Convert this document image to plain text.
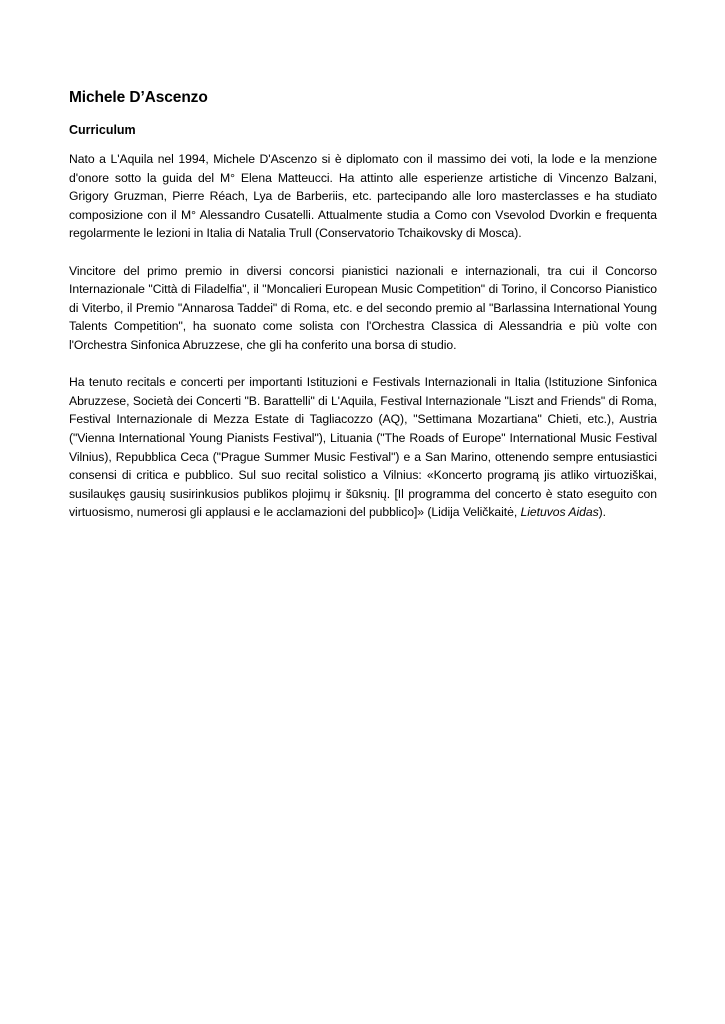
Michele D’Ascenzo
Curriculum

Nato a L'Aquila nel 1994, Michele D'Ascenzo si è diplomato con il massimo dei voti, la lode e la menzione d'onore sotto la guida del M° Elena Matteucci. Ha attinto alle esperienze artistiche di Vincenzo Balzani, Grigory Gruzman, Pierre Réach, Lya de Barberiis, etc. partecipando alle loro masterclasses e ha studiato composizione con il M° Alessandro Cusatelli. Attualmente studia a Como con Vsevolod Dvorkin e frequenta regolarmente le lezioni in Italia di Natalia Trull (Conservatorio Tchaikovsky di Mosca).

Vincitore del primo premio in diversi concorsi pianistici nazionali e internazionali, tra cui il Concorso Internazionale "Città di Filadelfia", il "Moncalieri European Music Competition" di Torino, il Concorso Pianistico di Viterbo, il Premio "Annarosa Taddei" di Roma, etc. e del secondo premio al "Barlassina International Young Talents Competition", ha suonato come solista con l'Orchestra Classica di Alessandria e più volte con l'Orchestra Sinfonica Abruzzese, che gli ha conferito una borsa di studio.

Ha tenuto recitals e concerti per importanti Istituzioni e Festivals Internazionali in Italia (Istituzione Sinfonica Abruzzese, Società dei Concerti "B. Barattelli" di L'Aquila, Festival Internazionale "Liszt and Friends" di Roma, Festival Internazionale di Mezza Estate di Tagliacozzo (AQ), "Settimana Mozartiana" Chieti, etc.), Austria ("Vienna International Young Pianists Festival"), Lituania ("The Roads of Europe" International Music Festival Vilnius), Repubblica Ceca ("Prague Summer Music Festival") e a San Marino, ottenendo sempre entusiastici consensi di critica e pubblico. Sul suo recital solistico a Vilnius: «Koncerto programą jis atliko virtuoziškai, susilaukęs gausių susirinkusios publikos plojimų ir šūksnių. [Il programma del concerto è stato eseguito con virtuosismo, numerosi gli applausi e le acclamazioni del pubblico]» (Lidija Veličkaitė, Lietuvos Aidas).
